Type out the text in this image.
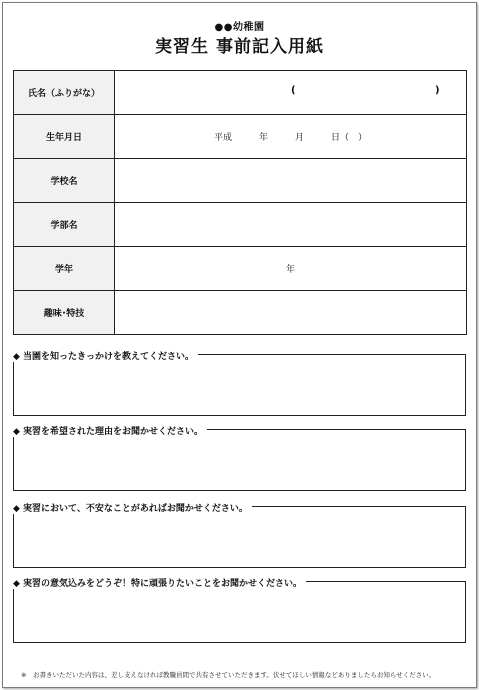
●●幼稚園
実習生 事前記入用紙
氏名（ふりがな）	( )

生年月日	平成　　　年　　　月　　　日（　）
学校名	
学部名	
学年	年
趣味･特技	
◆ 当園を知ったきっかけを教えてください。
◆ 実習を希望された理由をお聞かせください。
◆ 実習において、不安なことがあればお聞かせください。
◆ 実習の意気込みをどうぞ！特に頑張りたいことをお聞かせください。
※　お書きいただいた内容は、差し支えなければ教職員間で共有させていただきます。伏せてほしい情報などありましたらお知らせください。
